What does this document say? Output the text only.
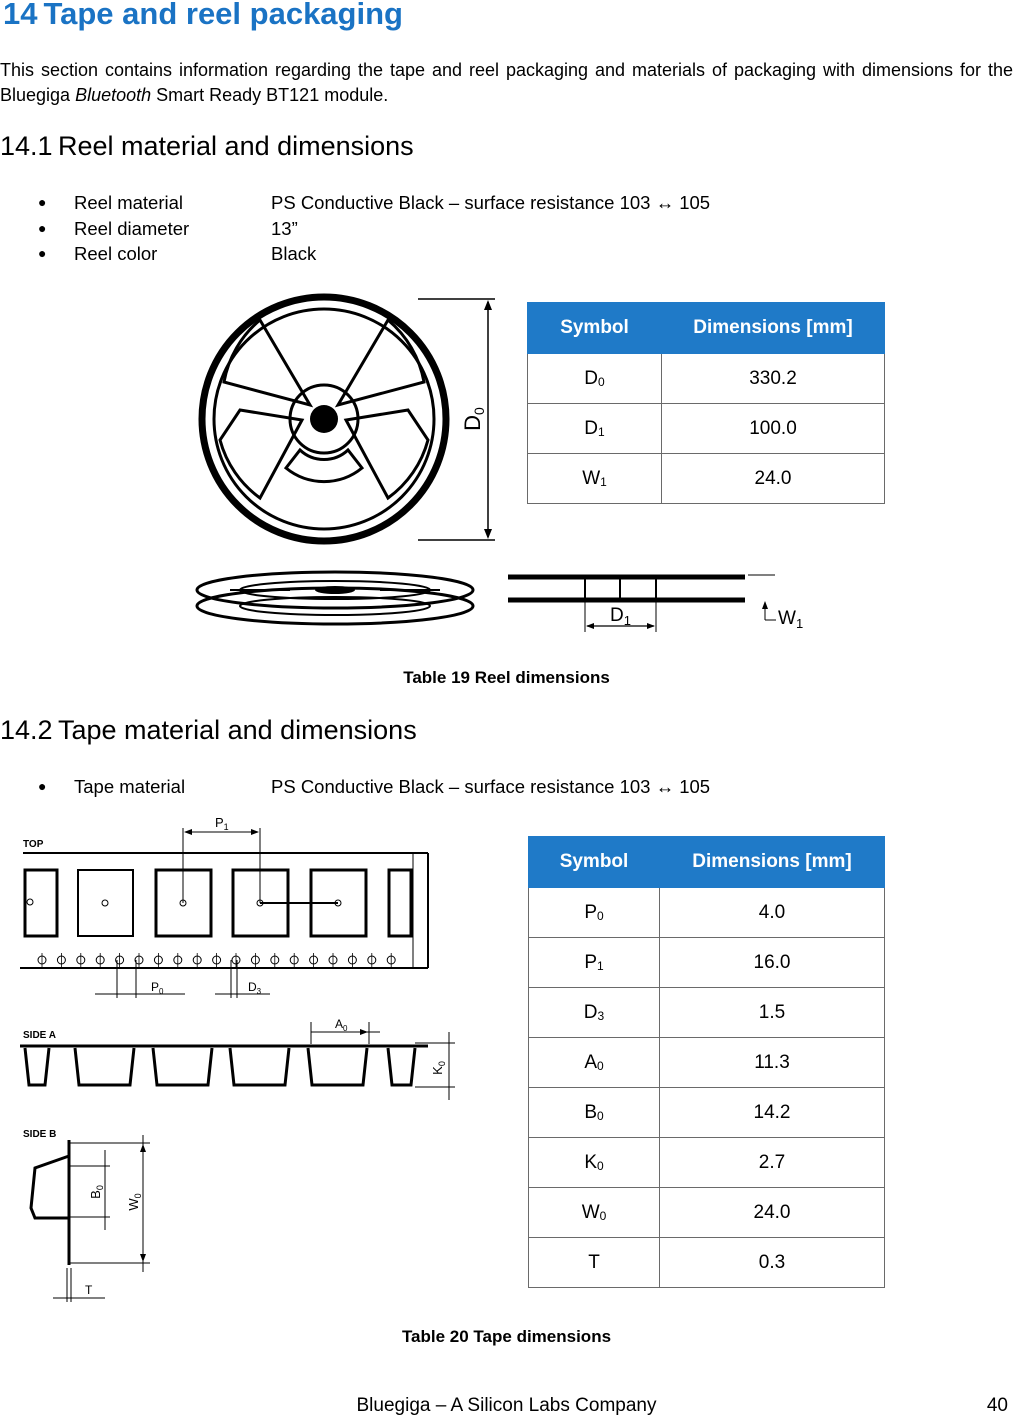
14 Tape and reel packaging
This section contains information regarding the tape and reel packaging and materials of packaging with dimensions for the Bluegiga Bluetooth Smart Ready BT121 module.
14.1 Reel material and dimensions
● Reel material	PS Conductive Black – surface resistance 103 ↔ 105
● Reel diameter	13”
● Reel color	Black
D0
$D_1$	$W_1$
Symbol	Dimensions [mm]
$D_0$	330.2
$D_1$	100.0
$W_1$	24.0
Table 19 Reel dimensions
14.2 Tape material and dimensions
● Tape material	PS Conductive Black – surface resistance 103 ↔ 105
TOP
$P_1$
$P_0$	$D_3$
SIDE A
$A_0$
$K_0$
SIDE B
$B_0$
$W_0$
T
Symbol	Dimensions [mm]
$P_0$	4.0
$P_1$	16.0
$D_3$	1.5
$A_0$	11.3
$B_0$	14.2
$K_0$	2.7
$W_0$	24.0
T	0.3
Table 20 Tape dimensions
Bluegiga – A Silicon Labs Company	40
